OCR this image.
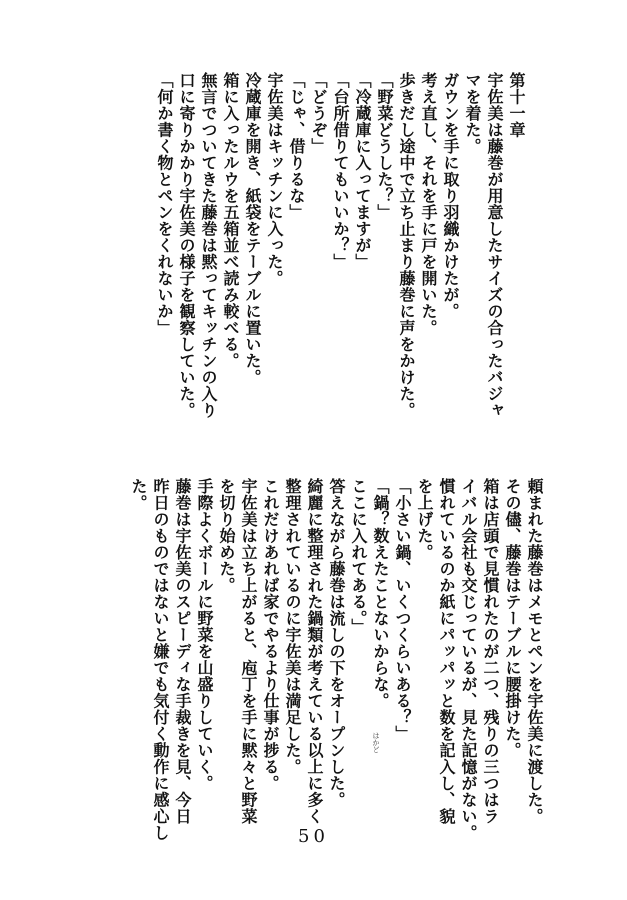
第十一章

宇佐美は藤巻が用意したサイズの合ったバジャ

マを着た。

ガウンを手に取り羽織かけたが。

考え直し、それを手に戸を開いた。

歩きだし途中で立ち止まり藤巻に声をかけた。

「野菜どうした？」

「冷蔵庫に入ってますが」

「台所借りてもいいか？」

「どうぞ」

「じゃ、借りるな」

宇佐美はキッチンに入った。

冷蔵庫を開き、紙袋をテーブルに置いた。

箱に入ったルウを五箱並べ読み較べる。

無言でついてきた藤巻は黙ってキッチンの入り

口に寄りかかり宇佐美の様子を観察していた。

「何か書く物とペンをくれないか」

頼まれた藤巻はメモとペンを宇佐美に渡した。

その儘、藤巻はテーブルに腰掛けた。

箱は店頭で見慣れたのが二つ、残りの三つはラ

イバル会社も交じっているが、見た記憶がない。

慣れているのか紙にパッパッと数を記入し、貌

を上げた。

「小さい鍋、いくつくらいある？」

「鍋？数えたことないからな。

ここに入れてある。」

答えながら藤巻は流しの下をオープンした。

綺麗に整理された鍋類が考えている以上に多く

整理されているのに宇佐美は満足した。

これだけあれば家でやるより仕事が捗る。

宇佐美は立ち上がると、庖丁を手に黙々と野菜

を切り始めた。

手際よくボールに野菜を山盛りしていく。

藤巻は宇佐美のスピーディな手裁きを見、今日

昨日のものではないと嫌でも気付く動作に感心し

た。

はかど
50
